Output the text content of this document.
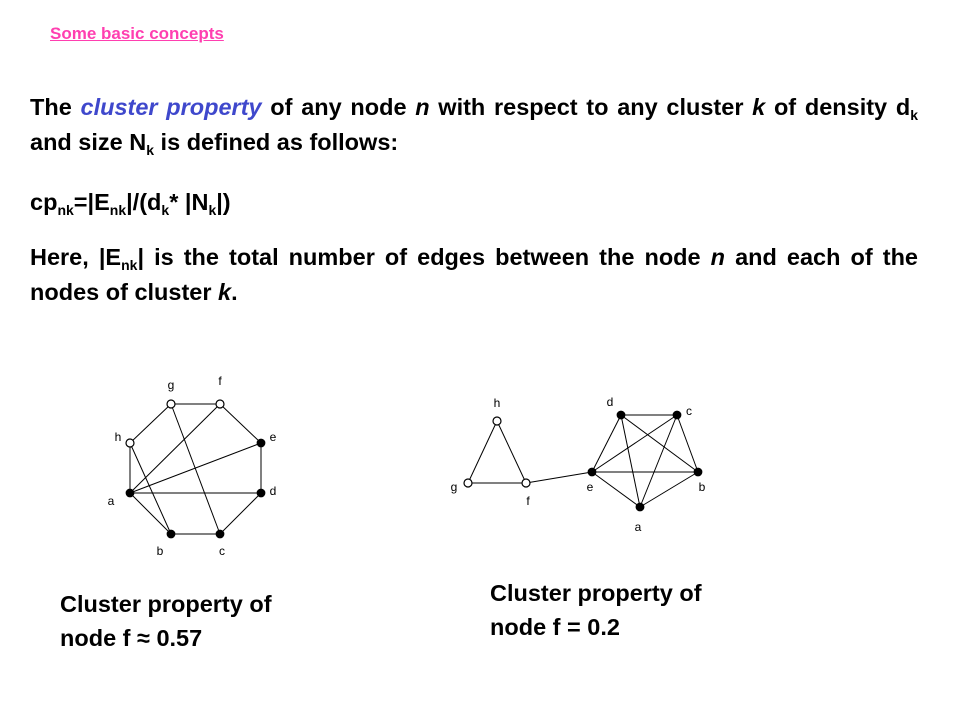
Some basic concepts
The cluster property of any node n with respect to any cluster k of density $d_k$ and size $N_k$ is defined as follows:
$cp_{nk}=|E_{nk}|/(d_k*$ $|N_k|$)
Here, $|E_{nk}|$ is the total number of edges between the node n and each of the nodes of cluster k.
g	f
e
d
c
b
a
h
h
g
f
e
d
c
b
a
Cluster property of
node f ≈ 0.57
Cluster property of
node f = 0.2
